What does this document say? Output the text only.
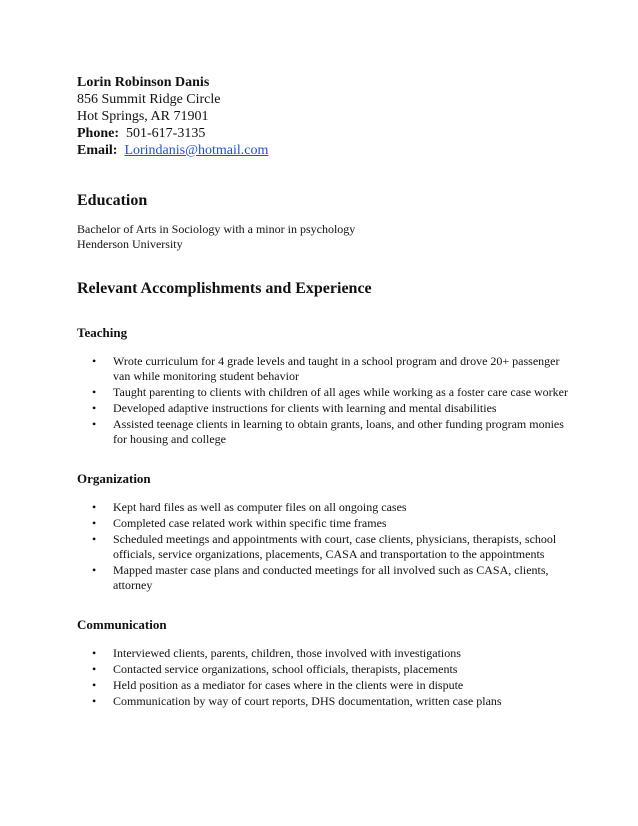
Lorin Robinson Danis
856 Summit Ridge Circle
Hot Springs, AR 71901
Phone: 501-617-3135
Email: Lorindanis@hotmail.com
Education
Bachelor of Arts in Sociology with a minor in psychology
Henderson University
Relevant Accomplishments and Experience
Teaching
• Wrote curriculum for 4 grade levels and taught in a school program and drove 20+ passenger van while monitoring student behavior
• Taught parenting to clients with children of all ages while working as a foster care case worker
• Developed adaptive instructions for clients with learning and mental disabilities
• Assisted teenage clients in learning to obtain grants, loans, and other funding program monies for housing and college
Organization
• Kept hard files as well as computer files on all ongoing cases
• Completed case related work within specific time frames
• Scheduled meetings and appointments with court, case clients, physicians, therapists, school officials, service organizations, placements, CASA and transportation to the appointments
• Mapped master case plans and conducted meetings for all involved such as CASA, clients, attorney
Communication
• Interviewed clients, parents, children, those involved with investigations
• Contacted service organizations, school officials, therapists, placements
• Held position as a mediator for cases where in the clients were in dispute
• Communication by way of court reports, DHS documentation, written case plans
